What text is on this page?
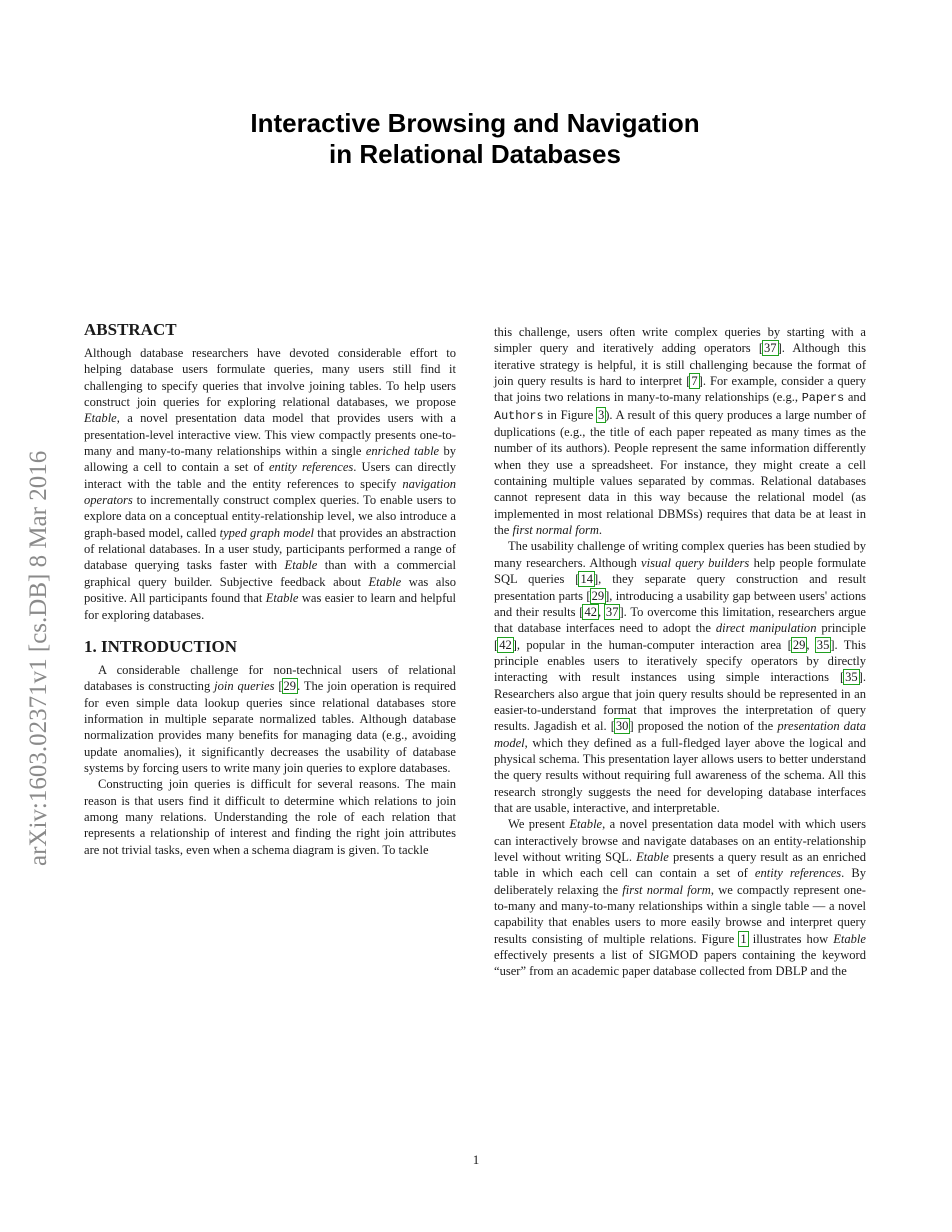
Interactive Browsing and Navigation
in Relational Databases
arXiv:1603.02371v1 [cs.DB] 8 Mar 2016
ABSTRACT

Although database researchers have devoted considerable effort to helping database users formulate queries, many users still find it challenging to specify queries that involve joining tables. To help users construct join queries for exploring relational databases, we propose Etable, a novel presentation data model that provides users with a presentation-level interactive view. This view compactly presents one-to-many and many-to-many relationships within a single enriched table by allowing a cell to contain a set of entity references. Users can directly interact with the table and the entity references to specify navigation operators to incrementally construct complex queries. To enable users to explore data on a conceptual entity-relationship level, we also introduce a graph-based model, called typed graph model that provides an abstraction of relational databases. In a user study, participants performed a range of database querying tasks faster with Etable than with a commercial graphical query builder. Subjective feedback about Etable was also positive. All participants found that Etable was easier to learn and helpful for exploring databases.

1. INTRODUCTION

A considerable challenge for non-technical users of relational databases is constructing join queries [29. The join operation is required for even simple data lookup queries since relational databases store information in multiple separate normalized tables. Although database normalization provides many benefits for managing data (e.g., avoiding update anomalies), it significantly decreases the usability of database systems by forcing users to write many join queries to explore databases.

Constructing join queries is difficult for several reasons. The main reason is that users find it difficult to determine which relations to join among many relations. Understanding the role of each relation that represents a relationship of interest and finding the right join attributes are not trivial tasks, even when a schema diagram is given. To tackle

this challenge, users often write complex queries by starting with a simpler query and iteratively adding operators [37]. Although this iterative strategy is helpful, it is still challenging because the format of join query results is hard to interpret [7]. For example, consider a query that joins two relations in many-to-many relationships (e.g., Papers and Authors in Figure 3). A result of this query produces a large number of duplications (e.g., the title of each paper repeated as many times as the number of its authors). People represent the same information differently when they use a spreadsheet. For instance, they might create a cell containing multiple values separated by commas. Relational databases cannot represent data in this way because the relational model (as implemented in most relational DBMSs) requires that data be at least in the first normal form.

The usability challenge of writing complex queries has been studied by many researchers. Although visual query builders help people formulate SQL queries [14], they separate query construction and result presentation parts [29], introducing a usability gap between users' actions and their results [42, 37]. To overcome this limitation, researchers argue that database interfaces need to adopt the direct manipulation principle [42], popular in the human-computer interaction area [29, 35]. This principle enables users to iteratively specify operators by directly interacting with result instances using simple interactions [35]. Researchers also argue that join query results should be represented in an easier-to-understand format that improves the interpretation of query results. Jagadish et al. [30] proposed the notion of the presentation data model, which they defined as a full-fledged layer above the logical and physical schema. This presentation layer allows users to better understand the query results without requiring full awareness of the schema. All this research strongly suggests the need for developing database interfaces that are usable, interactive, and interpretable.

We present Etable, a novel presentation data model with which users can interactively browse and navigate databases on an entity-relationship level without writing SQL. Etable presents a query result as an enriched table in which each cell can contain a set of entity references. By deliberately relaxing the first normal form, we compactly represent one-to-many and many-to-many relationships within a single table — a novel capability that enables users to more easily browse and interpret query results consisting of multiple relations. Figure 1 illustrates how Etable effectively presents a list of SIGMOD papers containing the keyword “user” from an academic paper database collected from DBLP and the

1
